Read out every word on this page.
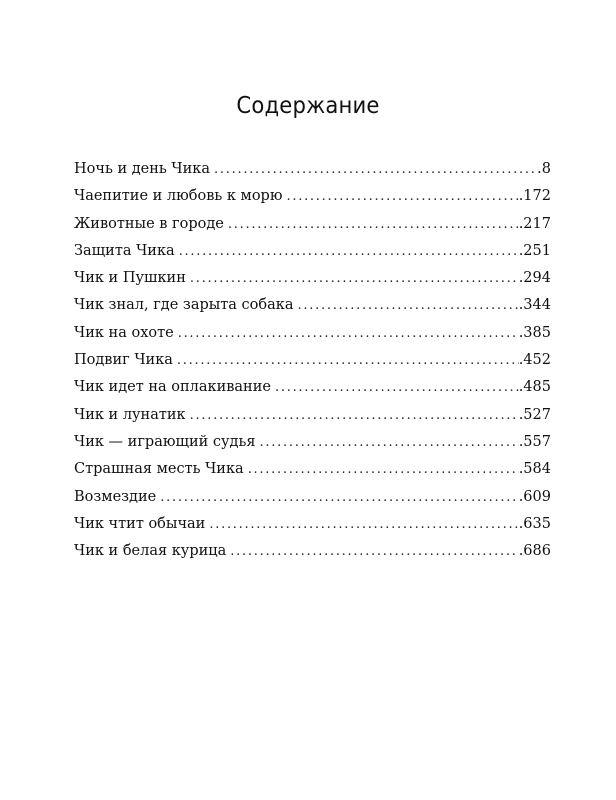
Содержание
Ночь и день Чика . . .	.8
Чаепитие и любовь к морю . . .	.172
Животные в городе . . .	.217
Защита Чика . . .	.251
Чик и Пушкин . . .	.294
Чик знал, где зарыта собака . . .	.344
Чик на охоте . . .	.385
Подвиг Чика . . .	.452
Чик идет на оплакивание . . .	.485
Чик и лунатик . . .	.527
Чик — играющий судья . . .	.557
Страшная месть Чика . . .	.584
Возмездие . . .	.609
Чик чтит обычаи . . .	.635
Чик и белая курица . . .	.686
